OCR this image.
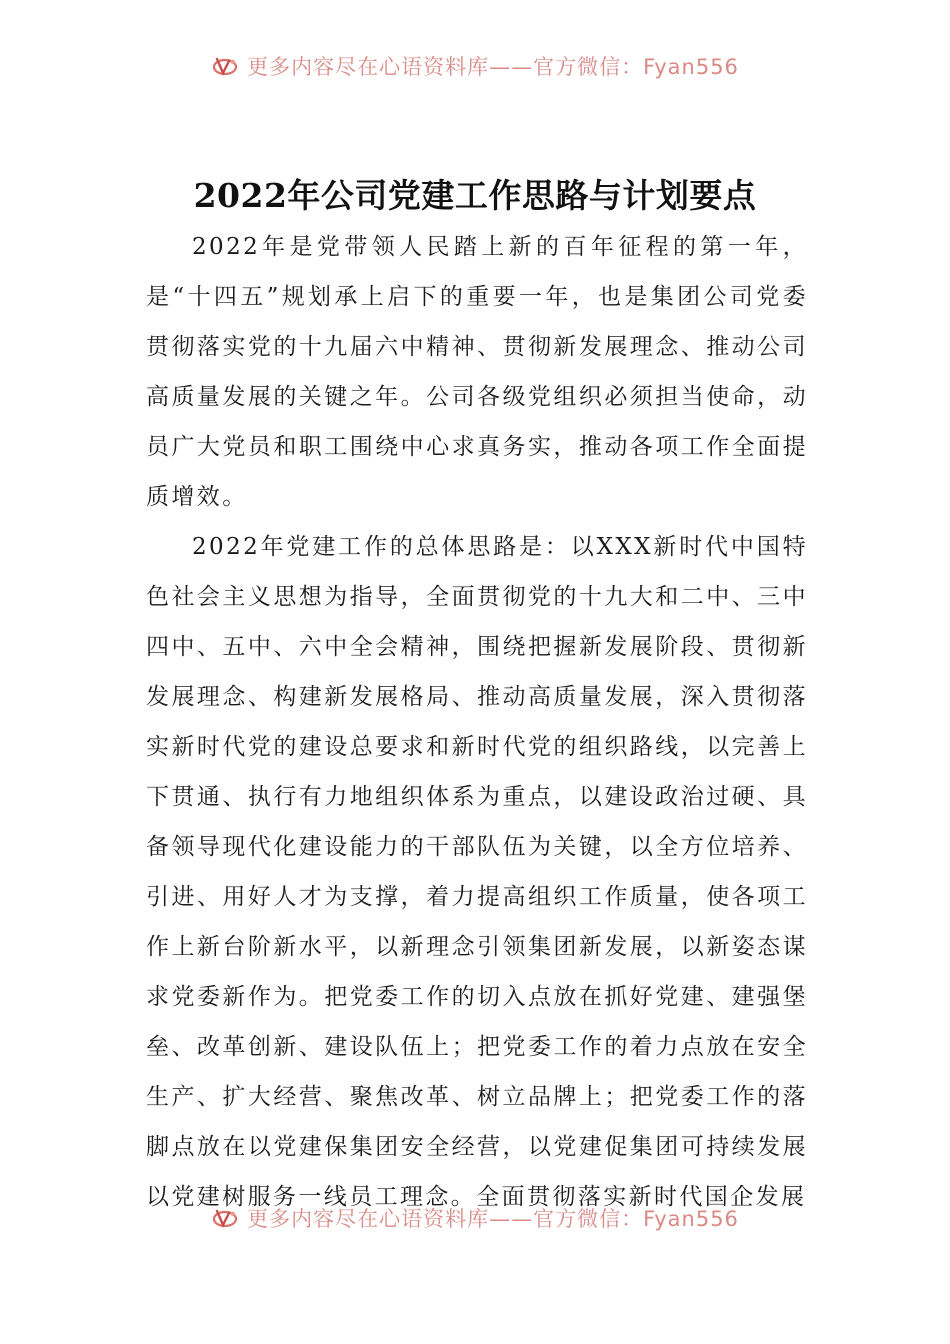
更多内容尽在心语资料库——官方微信：Fyan556
2022年公司党建工作思路与计划要点

2022年是党带领人民踏上新的百年征程的第一年，是“十四五”规划承上启下的重要一年，也是集团公司党委贯彻落实党的十九届六中精神、贯彻新发展理念、推动公司高质量发展的关键之年。公司各级党组织必须担当使命，动员广大党员和职工围绕中心求真务实，推动各项工作全面提质增效。

2022年党建工作的总体思路是：以XXX新时代中国特色社会主义思想为指导，全面贯彻党的十九大和二中、三中四中、五中、六中全会精神，围绕把握新发展阶段、贯彻新发展理念、构建新发展格局、推动高质量发展，深入贯彻落实新时代党的建设总要求和新时代党的组织路线，以完善上下贯通、执行有力地组织体系为重点，以建设政治过硬、具备领导现代化建设能力的干部队伍为关键，以全方位培养、引进、用好人才为支撑，着力提高组织工作质量，使各项工作上新台阶新水平，以新理念引领集团新发展，以新姿态谋求党委新作为。把党委工作的切入点放在抓好党建、建强堡垒、改革创新、建设队伍上；把党委工作的着力点放在安全生产、扩大经营、聚焦改革、树立品牌上；把党委工作的落脚点放在以党建保集团安全经营，以党建促集团可持续发展以党建树服务一线员工理念。全面贯彻落实新时代国企发展

更多内容尽在心语资料库——官方微信：Fyan556
